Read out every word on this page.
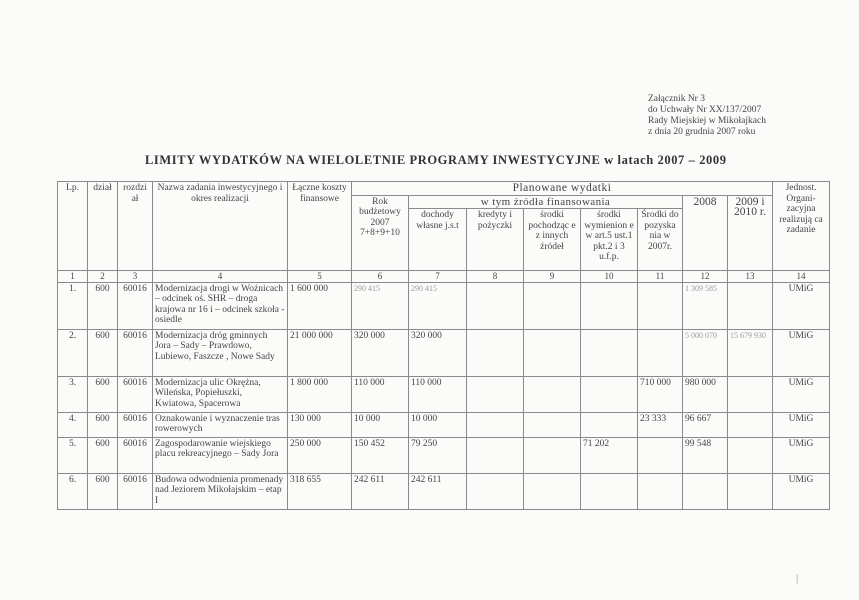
Załącznik Nr 3
do Uchwały Nr XX/137/2007
Rady Miejskiej w Mikołajkach
z dnia 20 grudnia 2007 roku
LIMITY WYDATKÓW NA WIELOLETNIE PROGRAMY INWESTYCYJNE w latach 2007 – 2009
Lp.	dział	rozdzi ał	Nazwa zadania inwestycyjnego i okres realizacji	Łączne koszty finansowe	Planowane wydatki								Jednost. Organi-zacyjna realizują ca zadanie
					Rok budżetowy 2007 7+8+9+10	w tym źródła finansowania					2008	2009 i 2010 r.	
						dochody własne j.s.t	kredyty i pożyczki	środki pochodząc e z innych źródeł	środki wymienion e w art.5 ust.1 pkt.2 i 3 u.f.p.	Środki do pozyska nia w 2007r.			
1	2	3	4	5	6	7	8	9	10	11	12	13	14
1.	600	60016	Modernizacja drogi w Woźnicach – odcinek oś. SHR – droga krajowa nr 16 i – odcinek szkoła - osiedle	1 600 000	290 415	290 415					1 309 585		UMiG
2.	600	60016	Modernizacja dróg gminnych Jora – Sady – Prawdowo, Lubiewo, Faszcze , Nowe Sady	21 000 000	320 000	320 000					5 000 070	15 679 930	UMiG
3.	600	60016	Modernizacja ulic Okrężna, Wileńska, Popiełuszki, Kwiatowa, Spacerowa	1 800 000	110 000	110 000				710 000	980 000		UMiG
4.	600	60016	Oznakowanie i wyznaczenie tras rowerowych	130 000	10 000	10 000				23 333	96 667		UMiG
5.	600	60016	Zagospodarowanie wiejskiego placu rekreacyjnego – Sady Jora	250 000	150 452	79 250			71 202		99 548		UMiG
6.	600	60016	Budowa odwodnienia promenady nad Jeziorem Mikołajskim – etap I	318 655	242 611	242 611							UMiG
|
